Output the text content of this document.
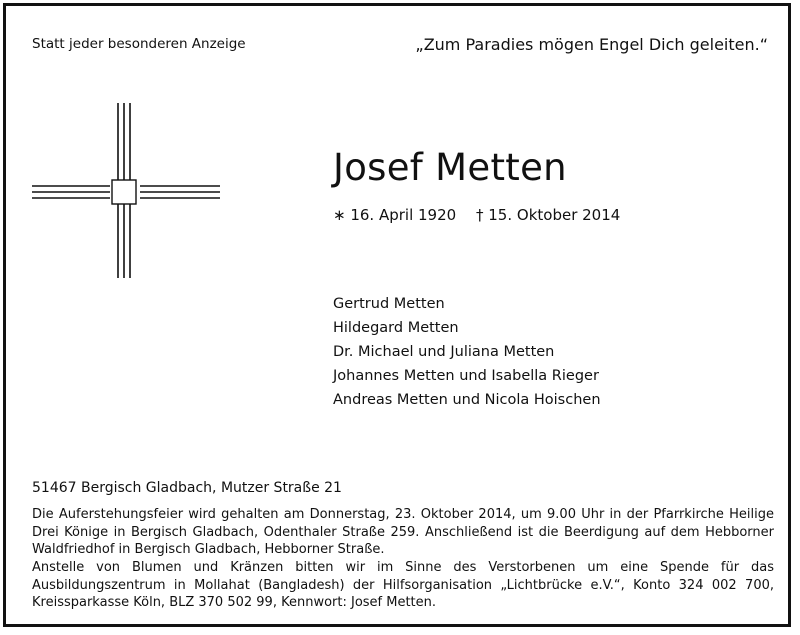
Statt jeder besonderen Anzeige	„Zum Paradies mögen Engel Dich geleiten.“
Josef Metten
∗ 16. April 1920 † 15. Oktober 2014
Gertrud Metten
Hildegard Metten
Dr. Michael und Juliana Metten
Johannes Metten und Isabella Rieger
Andreas Metten und Nicola Hoischen
51467 Bergisch Gladbach, Mutzer Straße 21
Die Auferstehungsfeier wird gehalten am Donnerstag, 23. Oktober 2014, um 9.00 Uhr in der Pfarrkirche Heilige Drei Könige in Bergisch Gladbach, Odenthaler Straße 259. Anschließend ist die Beerdigung auf dem Hebborner Waldfriedhof in Bergisch Gladbach, Hebborner Straße.
Anstelle von Blumen und Kränzen bitten wir im Sinne des Verstorbenen um eine Spende für das Ausbildungszentrum in Mollahat (Bangladesh) der Hilfsorganisation „Lichtbrücke e.V.“, Konto 324 002 700, Kreissparkasse Köln, BLZ 370 502 99, Kennwort: Josef Metten.
